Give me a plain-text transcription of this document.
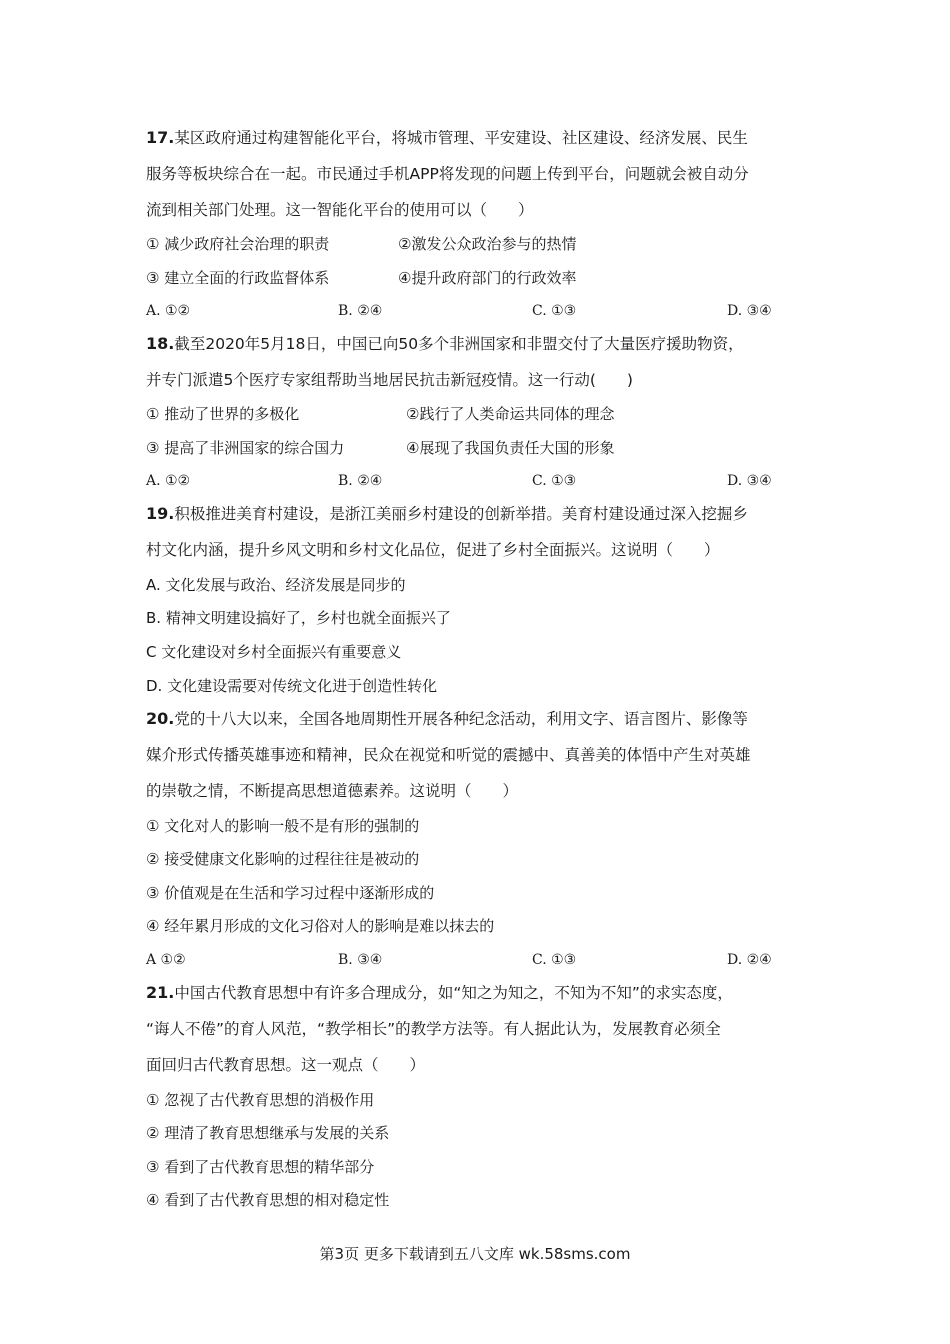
17.某区政府通过构建智能化平台，将城市管理、平安建设、社区建设、经济发展、民生
服务等板块综合在一起。市民通过手机APP将发现的问题上传到平台，问题就会被自动分
流到相关部门处理。这一智能化平台的使用可以（　　）
① 减少政府社会治理的职责	②激发公众政治参与的热情
③ 建立全面的行政监督体系	④提升政府部门的行政效率
A. ①②	B. ②④	C. ①③	D. ③④
18.截至2020年5月18日，中国已向50多个非洲国家和非盟交付了大量医疗援助物资，
并专门派遣5个医疗专家组帮助当地居民抗击新冠疫情。这一行动(　　)
① 推动了世界的多极化	②践行了人类命运共同体的理念
③ 提高了非洲国家的综合国力	④展现了我国负责任大国的形象
A. ①②	B. ②④	C. ①③	D. ③④
19.积极推进美育村建设，是浙江美丽乡村建设的创新举措。美育村建设通过深入挖掘乡
村文化内涵，提升乡风文明和乡村文化品位，促进了乡村全面振兴。这说明（　　）
A. 文化发展与政治、经济发展是同步的
B. 精神文明建设搞好了，乡村也就全面振兴了
C 文化建设对乡村全面振兴有重要意义
D. 文化建设需要对传统文化进于创造性转化
20.党的十八大以来，全国各地周期性开展各种纪念活动，利用文字、语言图片、影像等
媒介形式传播英雄事迹和精神，民众在视觉和听觉的震撼中、真善美的体悟中产生对英雄
的崇敬之情，不断提高思想道德素养。这说明（　　）
① 文化对人的影响一般不是有形的强制的
② 接受健康文化影响的过程往往是被动的
③ 价值观是在生活和学习过程中逐渐形成的
④ 经年累月形成的文化习俗对人的影响是难以抹去的
A ①②	B. ③④	C. ①③	D. ②④
21.中国古代教育思想中有许多合理成分，如“知之为知之，不知为不知”的求实态度，
“诲人不倦”的育人风范，“教学相长”的教学方法等。有人据此认为，发展教育必须全
面回归古代教育思想。这一观点（　　）
① 忽视了古代教育思想的消极作用
② 理清了教育思想继承与发展的关系
③ 看到了古代教育思想的精华部分
④ 看到了古代教育思想的相对稳定性
第3页 更多下载请到五八文库 wk.58sms.com
